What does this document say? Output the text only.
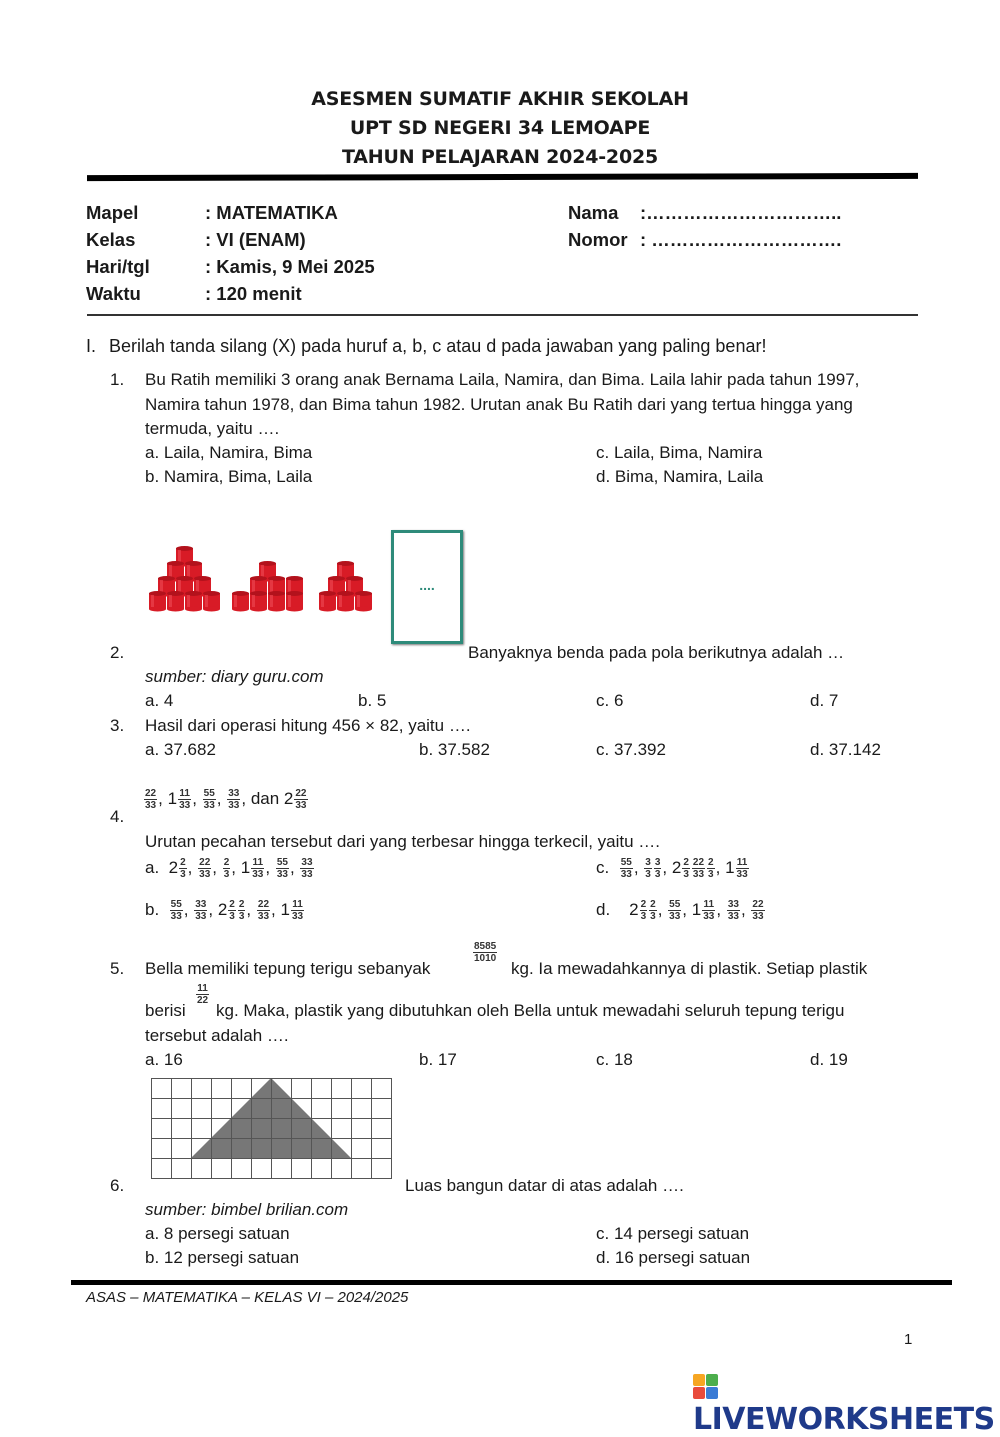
ASESMEN SUMATIF AKHIR SEKOLAH
UPT SD NEGERI 34 LEMOAPE
TAHUN PELAJARAN 2024-2025
Mapel	: MATEMATIKA
Kelas	: VI (ENAM)
Hari/tgl	: Kamis, 9 Mei 2025
Waktu	: 120 menit
Nama :…………………………..
Nomor : ………………………….
I. Berilah tanda silang (X) pada huruf a, b, c atau d pada jawaban yang paling benar!
1. Bu Ratih memiliki 3 orang anak Bernama Laila, Namira, dan Bima. Laila lahir pada tahun 1997,
Namira tahun 1978, dan Bima tahun 1982. Urutan anak Bu Ratih dari yang tertua hingga yang
termuda, yaitu ….
a. Laila, Namira, Bima
b. Namira, Bima, Laila
c. Laila, Bima, Namira
d. Bima, Namira, Laila
....
2.	Banyaknya benda pada pola berikutnya adalah …
sumber: diary guru.com
a. 4	b. 5	c. 6	d. 7
3. Hasil dari operasi hitung 456 × 82, yaitu ….
a. 37.682	b. 37.582	c. 37.392	d. 37.142
4.
$\frac{22}{33}$ , $1 \frac{11}{33}$ , $\frac{55}{33}$ , $\frac{33}{33}$ , dan $2 \frac{22}{33}$
Urutan pecahan tersebut dari yang terbesar hingga terkecil, yaitu ….
a. $2 \frac{2}{3}$ , $\frac{22}{33}$ , $\frac{2}{3}$ , $1 \frac{11}{33}$ , $\frac{55}{33}$ , $\frac{33}{33}$
b. $\frac{55}{33}$ , $\frac{33}{33}$ , $2 \frac{2}{3} \frac{2}{3}$ , $\frac{22}{33}$ , $1 \frac{11}{33}$
c. $\frac{55}{33}$ , $\frac{3}{3} \frac{3}{3}$ , $2 \frac{2}{3} \frac{22}{33} \frac{2}{3}$ , $1 \frac{11}{33}$
d. $2 \frac{2}{3} \frac{2}{3}$ , $\frac{55}{33}$ , $1 \frac{11}{33}$ , $\frac{33}{33}$ , $\frac{22}{33}$
5. Bella memiliki tepung terigu sebanyak
$\frac{8585}{1010}$
kg. Ia mewadahkannya di plastik. Setiap plastik
berisi
$\frac{11}{22}$
kg. Maka, plastik yang dibutuhkan oleh Bella untuk mewadahi seluruh tepung terigu
tersebut adalah ….
a. 16	b. 17	c. 18	d. 19
6.	Luas bangun datar di atas adalah ….
sumber: bimbel brilian.com
a. 8 persegi satuan
b. 12 persegi satuan
c. 14 persegi satuan
d. 16 persegi satuan
ASAS – MATEMATIKA – KELAS VI – 2024/2025
1
LIVEWORKSHEETS
